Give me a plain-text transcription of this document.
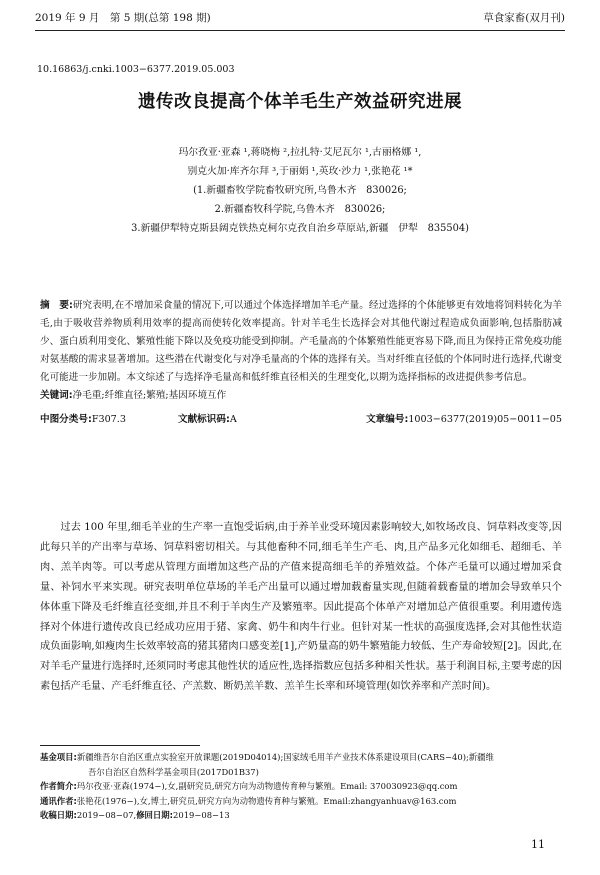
2019 年 9 月　第 5 期(总第 198 期)	草食家畜(双月刊)
10.16863/j.cnki.1003−6377.2019.05.003
遗传改良提高个体羊毛生产效益研究进展
玛尔孜亚·亚森 ¹,蒋晓梅 ²,拉扎特·艾尼瓦尔 ¹,古丽格娜 ¹,
别克火加·库齐尔拜 ³,于丽娟 ¹,英玫·沙力 ¹,张艳花 ¹*
(1.新疆畜牧学院畜牧研究所,乌鲁木齐　830026;
2.新疆畜牧科学院,乌鲁木齐　830026;
3.新疆伊犁特克斯县阔克铁热克柯尔克孜自治乡草原站,新疆　伊犁　835504)
摘　要:研究表明,在不增加采食量的情况下,可以通过个体选择增加羊毛产量。经过选择的个体能够更有效地将饲料转化为羊毛,由于吸收营养物质利用效率的提高而使转化效率提高。针对羊毛生长选择会对其他代谢过程造成负面影响,包括脂肪减少、蛋白质利用变化、繁殖性能下降以及免疫功能受到抑制。产毛量高的个体繁殖性能更容易下降,而且为保持正常免疫功能对氨基酸的需求显著增加。这些潜在代谢变化与对净毛量高的个体的选择有关。当对纤维直径低的个体同时进行选择,代谢变化可能进一步加剧。本文综述了与选择净毛量高和低纤维直径相关的生理变化,以期为选择指标的改进提供参考信息。
关键词:净毛重;纤维直径;繁殖;基因环境互作
中图分类号:F307.3	文献标识码:A	文章编号:1003−6377(2019)05−0011−05
过去 100 年里,细毛羊业的生产率一直饱受诟病,由于养羊业受环境因素影响较大,如牧场改良、饲草料改变等,因此每只羊的产出率与草场、饲草料密切相关。与其他畜种不同,细毛羊生产毛、肉,且产品多元化如细毛、超细毛、羊肉、羔羊肉等。可以考虑从管理方面增加这些产品的产值来提高细毛羊的养殖效益。个体产毛量可以通过增加采食量、补饲水平来实现。研究表明单位草场的羊毛产出量可以通过增加载畜量实现,但随着载畜量的增加会导致单只个体体重下降及毛纤维直径变细,并且不利于羊肉生产及繁殖率。因此提高个体单产对增加总产值很重要。利用遗传选择对个体进行遗传改良已经成功应用于猪、家禽、奶牛和肉牛行业。但针对某一性状的高强度选择,会对其他性状造成负面影响,如瘦肉生长效率较高的猪其猪肉口感变差[1],产奶量高的奶牛繁殖能力较低、生产寿命较短[2]。因此,在对羊毛产量进行选择时,还须同时考虑其他性状的适应性,选择指数应包括多种相关性状。基于利润目标,主要考虑的因素包括产毛量、产毛纤维直径、产羔数、断奶羔羊数、羔羊生长率和环境管理(如饮养率和产羔时间)。
基金项目:新疆维吾尔自治区重点实验室开放课题(2019D04014);国家绒毛用羊产业技术体系建设项目(CARS−40);新疆维
吾尔自治区自然科学基金项目(2017D01B37)
作者简介:玛尔孜亚·亚森(1974−),女,副研究员,研究方向为动物遗传育种与繁殖。Email: 370030923@qq.com
通讯作者:张艳花(1976−),女,博士,研究员,研究方向为动物遗传育种与繁殖。Email:zhangyanhuav@163.com
收稿日期:2019−08−07,修回日期:2019−08−13
11
